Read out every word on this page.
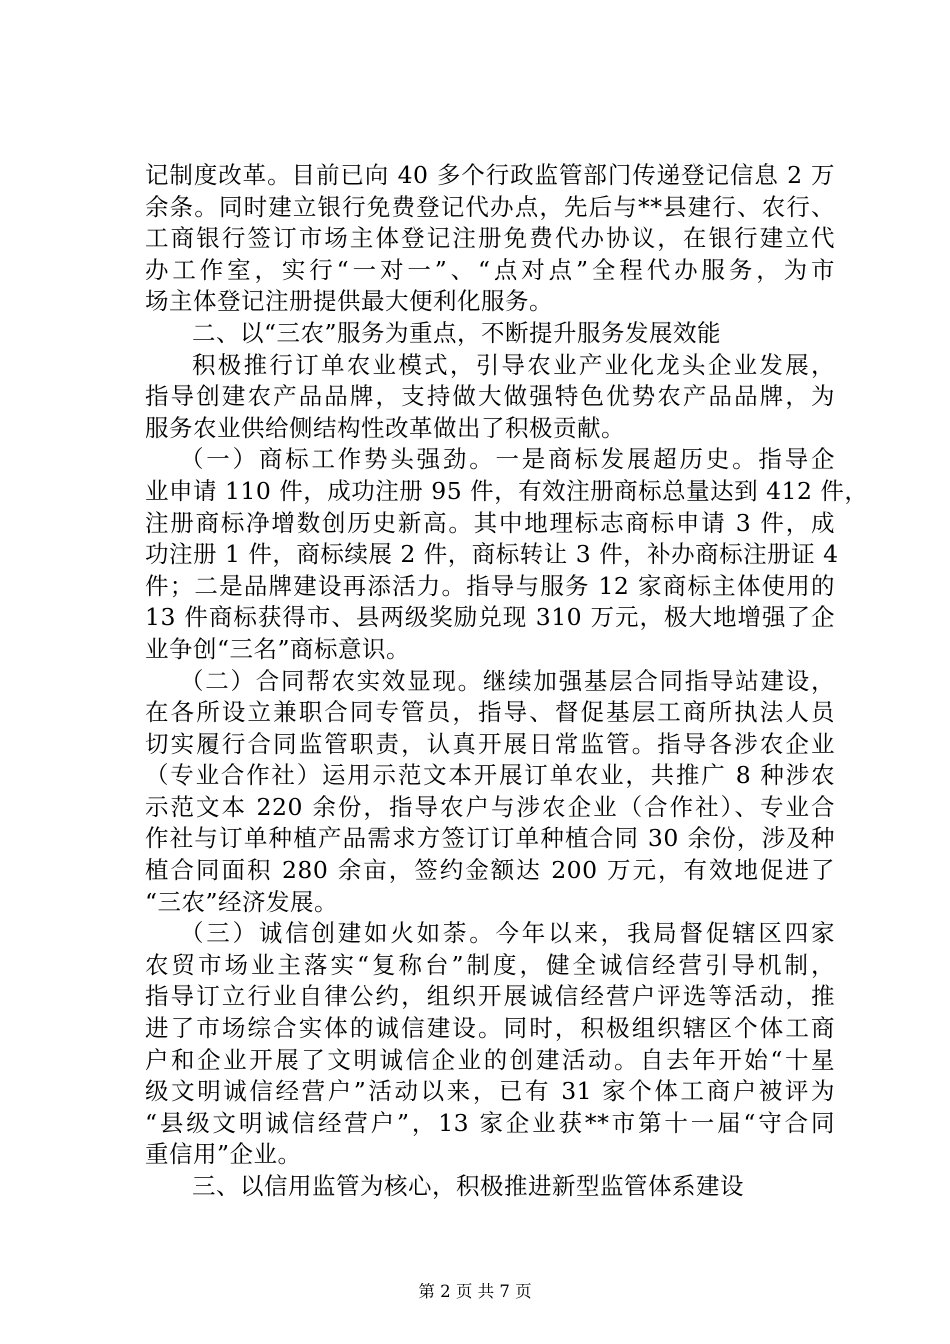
记制度改革。目前已向 40 多个行政监管部门传递登记信息 2 万
余条。同时建立银行免费登记代办点，先后与**县建行、农行、
工商银行签订市场主体登记注册免费代办协议，在银行建立代
办工作室，实行“一对一”、“点对点”全程代办服务，为市
场主体登记注册提供最大便利化服务。
二、以“三农”服务为重点，不断提升服务发展效能
积极推行订单农业模式，引导农业产业化龙头企业发展，
指导创建农产品品牌，支持做大做强特色优势农产品品牌，为
服务农业供给侧结构性改革做出了积极贡献。
（一）商标工作势头强劲。一是商标发展超历史。指导企
业申请 110 件，成功注册 95 件，有效注册商标总量达到 412 件，
注册商标净增数创历史新高。其中地理标志商标申请 3 件，成
功注册 1 件，商标续展 2 件，商标转让 3 件，补办商标注册证 4
件；二是品牌建设再添活力。指导与服务 12 家商标主体使用的
13 件商标获得市、县两级奖励兑现 310 万元，极大地增强了企
业争创“三名”商标意识。
（二）合同帮农实效显现。继续加强基层合同指导站建设，
在各所设立兼职合同专管员，指导、督促基层工商所执法人员
切实履行合同监管职责，认真开展日常监管。指导各涉农企业
（专业合作社）运用示范文本开展订单农业，共推广 8 种涉农
示范文本 220 余份，指导农户与涉农企业（合作社）、专业合
作社与订单种植产品需求方签订订单种植合同 30 余份，涉及种
植合同面积 280 余亩，签约金额达 200 万元，有效地促进了
“三农”经济发展。
（三）诚信创建如火如荼。今年以来，我局督促辖区四家
农贸市场业主落实“复称台”制度，健全诚信经营引导机制，
指导订立行业自律公约，组织开展诚信经营户评选等活动，推
进了市场综合实体的诚信建设。同时，积极组织辖区个体工商
户和企业开展了文明诚信企业的创建活动。自去年开始“十星
级文明诚信经营户”活动以来，已有 31 家个体工商户被评为
“县级文明诚信经营户”，13 家企业获**市第十一届“守合同
重信用”企业。
三、以信用监管为核心，积极推进新型监管体系建设
第 2 页 共 7 页
